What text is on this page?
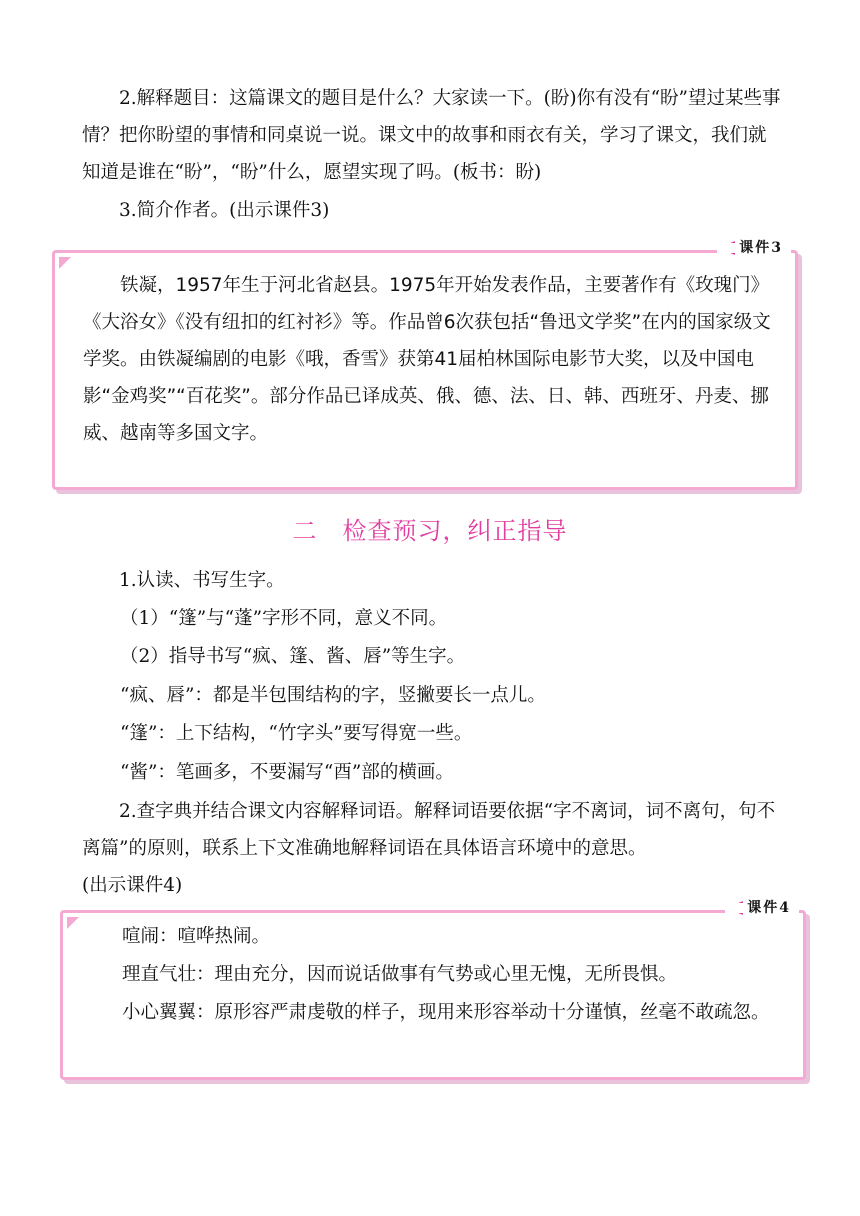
2.解释题目：这篇课文的题目是什么？大家读一下。(盼)你有没有“盼”望过某些事情？把你盼望的事情和同桌说一说。课文中的故事和雨衣有关，学习了课文，我们就知道是谁在“盼”，“盼”什么，愿望实现了吗。(板书：盼)

3.简介作者。(出示课件3)

课件3

铁凝，1957年生于河北省赵县。1975年开始发表作品，主要著作有《玫瑰门》《大浴女》《没有纽扣的红衬衫》等。作品曾6次获包括“鲁迅文学奖”在内的国家级文学奖。由铁凝编剧的电影《哦，香雪》获第41届柏林国际电影节大奖，以及中国电影“金鸡奖”“百花奖”。部分作品已译成英、俄、德、法、日、韩、西班牙、丹麦、挪威、越南等多国文字。

二　检查预习，纠正指导

1.认读、书写生字。

（1）“篷”与“蓬”字形不同，意义不同。

（2）指导书写“疯、篷、酱、唇”等生字。

“疯、唇”：都是半包围结构的字，竖撇要长一点儿。

“篷”：上下结构，“竹字头”要写得宽一些。

“酱”：笔画多，不要漏写“酉”部的横画。

2.查字典并结合课文内容解释词语。解释词语要依据“字不离词，词不离句，句不离篇”的原则，联系上下文准确地解释词语在具体语言环境中的意思。

(出示课件4)

课件4

喧闹：喧哗热闹。

理直气壮：理由充分，因而说话做事有气势或心里无愧，无所畏惧。

小心翼翼：原形容严肃虔敬的样子，现用来形容举动十分谨慎，丝毫不敢疏忽。
